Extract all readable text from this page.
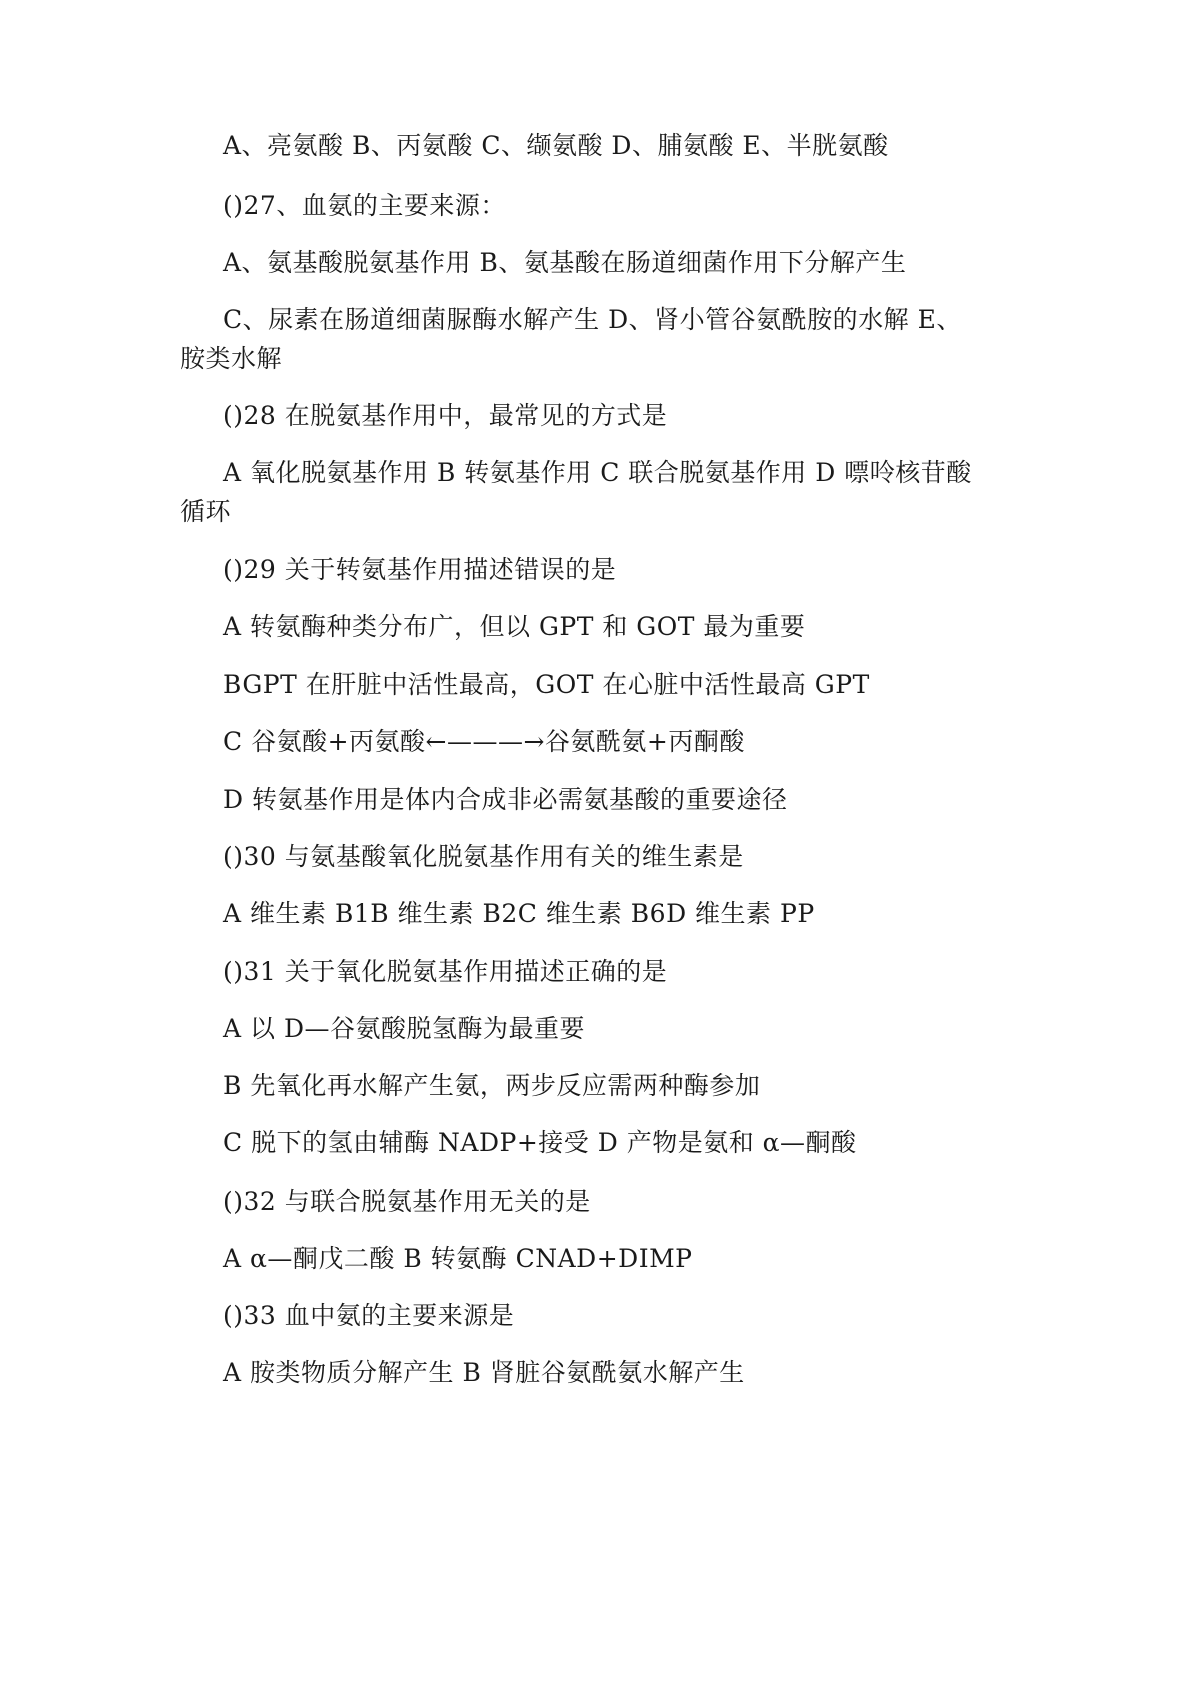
A、亮氨酸 B、丙氨酸 C、缬氨酸 D、脯氨酸 E、半胱氨酸
()27、血氨的主要来源：
A、氨基酸脱氨基作用 B、氨基酸在肠道细菌作用下分解产生
C、尿素在肠道细菌脲酶水解产生 D、肾小管谷氨酰胺的水解 E、
胺类水解
()28 在脱氨基作用中，最常见的方式是
A 氧化脱氨基作用 B 转氨基作用 C 联合脱氨基作用 D 嘌呤核苷酸
循环
()29 关于转氨基作用描述错误的是
A 转氨酶种类分布广，但以 GPT 和 GOT 最为重要
BGPT 在肝脏中活性最高，GOT 在心脏中活性最高 GPT
C 谷氨酸+丙氨酸←———→谷氨酰氨+丙酮酸
D 转氨基作用是体内合成非必需氨基酸的重要途径
()30 与氨基酸氧化脱氨基作用有关的维生素是
A 维生素 B1B 维生素 B2C 维生素 B6D 维生素 PP
()31 关于氧化脱氨基作用描述正确的是
A 以 D—谷氨酸脱氢酶为最重要
B 先氧化再水解产生氨，两步反应需两种酶参加
C 脱下的氢由辅酶 NADP+接受 D 产物是氨和 α—酮酸
()32 与联合脱氨基作用无关的是
A α—酮戊二酸 B 转氨酶 CNAD+DIMP
()33 血中氨的主要来源是
A 胺类物质分解产生 B 肾脏谷氨酰氨水解产生
